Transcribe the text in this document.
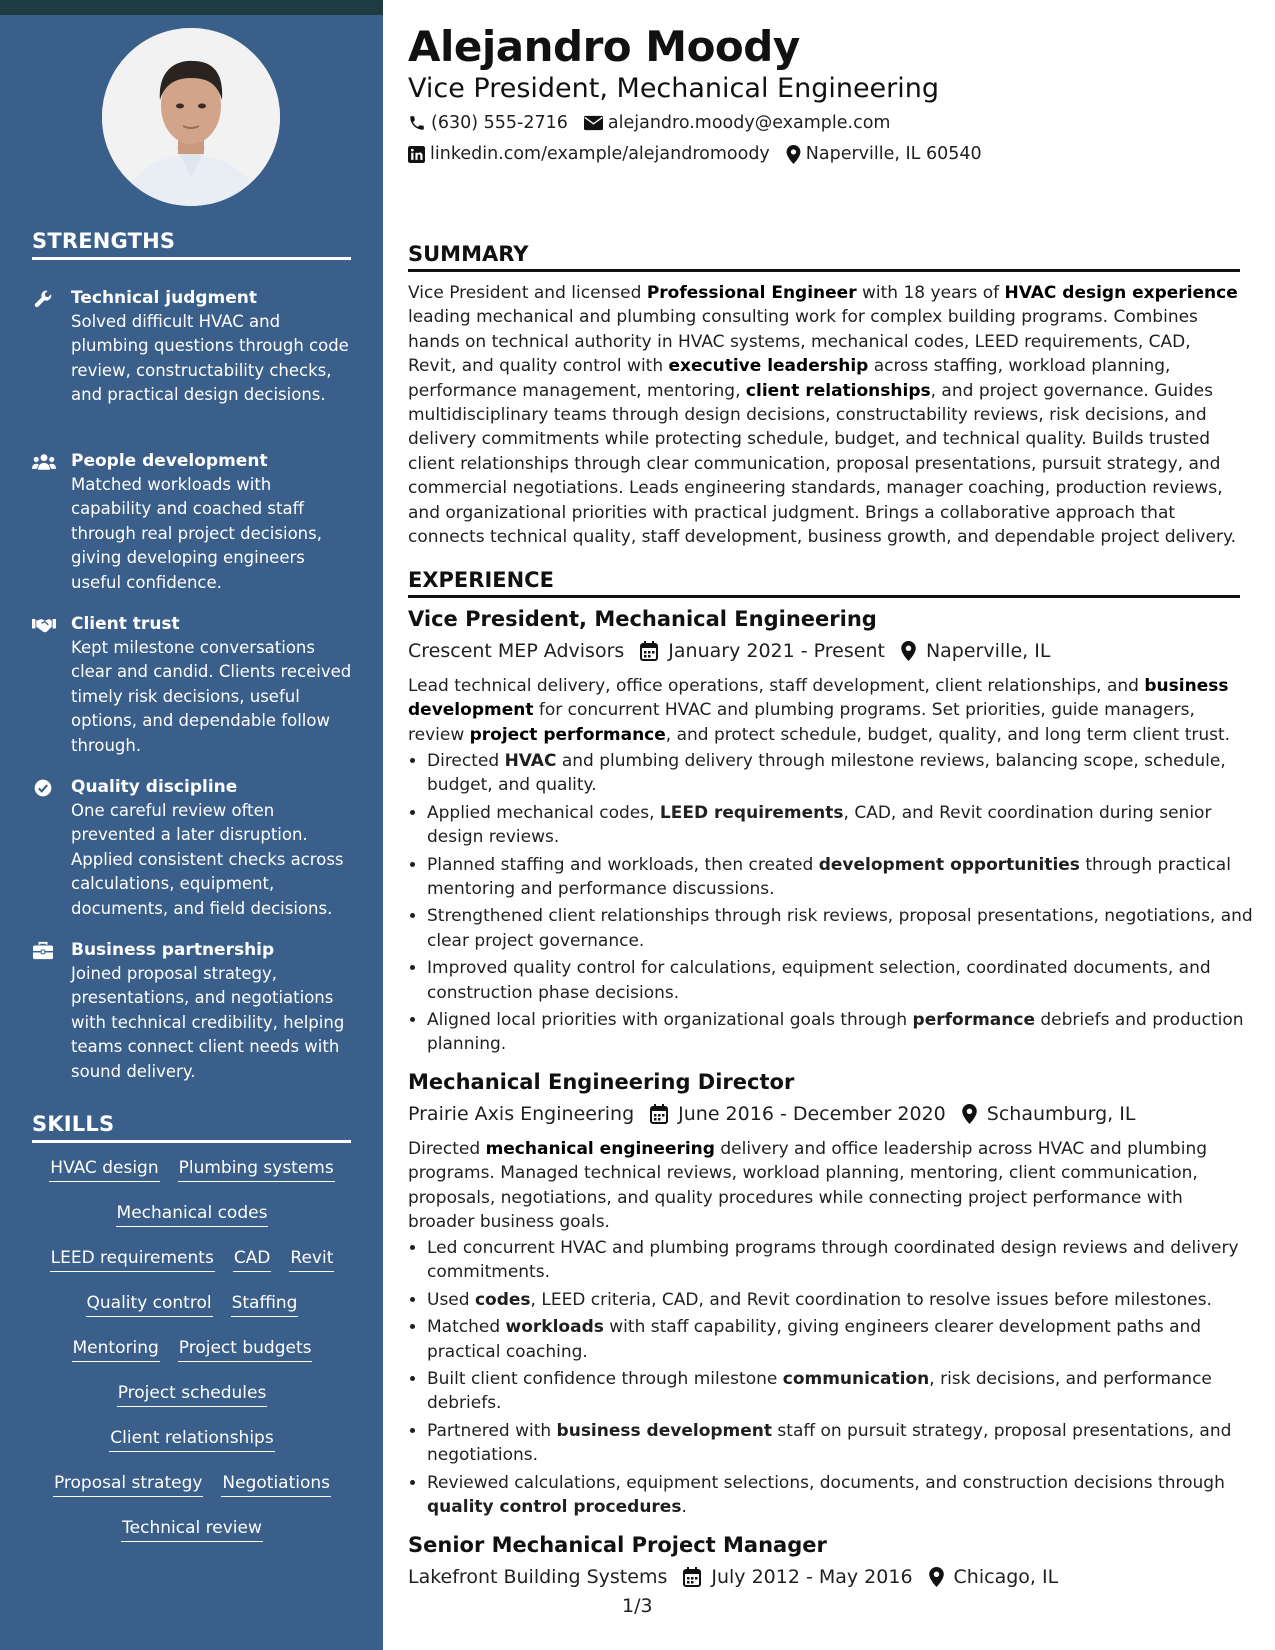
STRENGTHS
Technical judgment
Solved difficult HVAC and plumbing questions through code review, constructability checks, and practical design decisions.
People development
Matched workloads with capability and coached staff through real project decisions, giving developing engineers useful confidence.
Client trust
Kept milestone conversations clear and candid. Clients received timely risk decisions, useful options, and dependable follow through.
Quality discipline
One careful review often prevented a later disruption. Applied consistent checks across calculations, equipment, documents, and field decisions.
Business partnership
Joined proposal strategy, presentations, and negotiations with technical credibility, helping teams connect client needs with sound delivery.
SKILLS
HVAC design Plumbing systems
Mechanical codes
LEED requirements CAD Revit
Quality control Staffing
Mentoring Project budgets
Project schedules
Client relationships
Proposal strategy Negotiations
Technical review
Alejandro Moody
Vice President, Mechanical Engineering
(630) 555-2716 alejandro.moody@example.com
linkedin.com/example/alejandromoody Naperville, IL 60540
SUMMARY
Vice President and licensed Professional Engineer with 18 years of HVAC design experience leading mechanical and plumbing consulting work for complex building programs. Combines hands on technical authority in HVAC systems, mechanical codes, LEED requirements, CAD, Revit, and quality control with executive leadership across staffing, workload planning, performance management, mentoring, client relationships, and project governance. Guides multidisciplinary teams through design decisions, constructability reviews, risk decisions, and delivery commitments while protecting schedule, budget, and technical quality. Builds trusted client relationships through clear communication, proposal presentations, pursuit strategy, and commercial negotiations. Leads engineering standards, manager coaching, production reviews, and organizational priorities with practical judgment. Brings a collaborative approach that connects technical quality, staff development, business growth, and dependable project delivery.
EXPERIENCE
Vice President, Mechanical Engineering
Crescent MEP Advisors January 2021 - Present Naperville, IL
Lead technical delivery, office operations, staff development, client relationships, and business development for concurrent HVAC and plumbing programs. Set priorities, guide managers, review project performance, and protect schedule, budget, quality, and long term client trust.
• Directed HVAC and plumbing delivery through milestone reviews, balancing scope, schedule, budget, and quality.
• Applied mechanical codes, LEED requirements, CAD, and Revit coordination during senior design reviews.
• Planned staffing and workloads, then created development opportunities through practical mentoring and performance discussions.
• Strengthened client relationships through risk reviews, proposal presentations, negotiations, and clear project governance.
• Improved quality control for calculations, equipment selection, coordinated documents, and construction phase decisions.
• Aligned local priorities with organizational goals through performance debriefs and production planning.
Mechanical Engineering Director
Prairie Axis Engineering June 2016 - December 2020 Schaumburg, IL
Directed mechanical engineering delivery and office leadership across HVAC and plumbing programs. Managed technical reviews, workload planning, mentoring, client communication, proposals, negotiations, and quality procedures while connecting project performance with broader business goals.
• Led concurrent HVAC and plumbing programs through coordinated design reviews and delivery commitments.
• Used codes, LEED criteria, CAD, and Revit coordination to resolve issues before milestones.
• Matched workloads with staff capability, giving engineers clearer development paths and practical coaching.
• Built client confidence through milestone communication, risk decisions, and performance debriefs.
• Partnered with business development staff on pursuit strategy, proposal presentations, and negotiations.
• Reviewed calculations, equipment selections, documents, and construction decisions through quality control procedures.
Senior Mechanical Project Manager
Lakefront Building Systems July 2012 - May 2016 Chicago, IL
1/3
